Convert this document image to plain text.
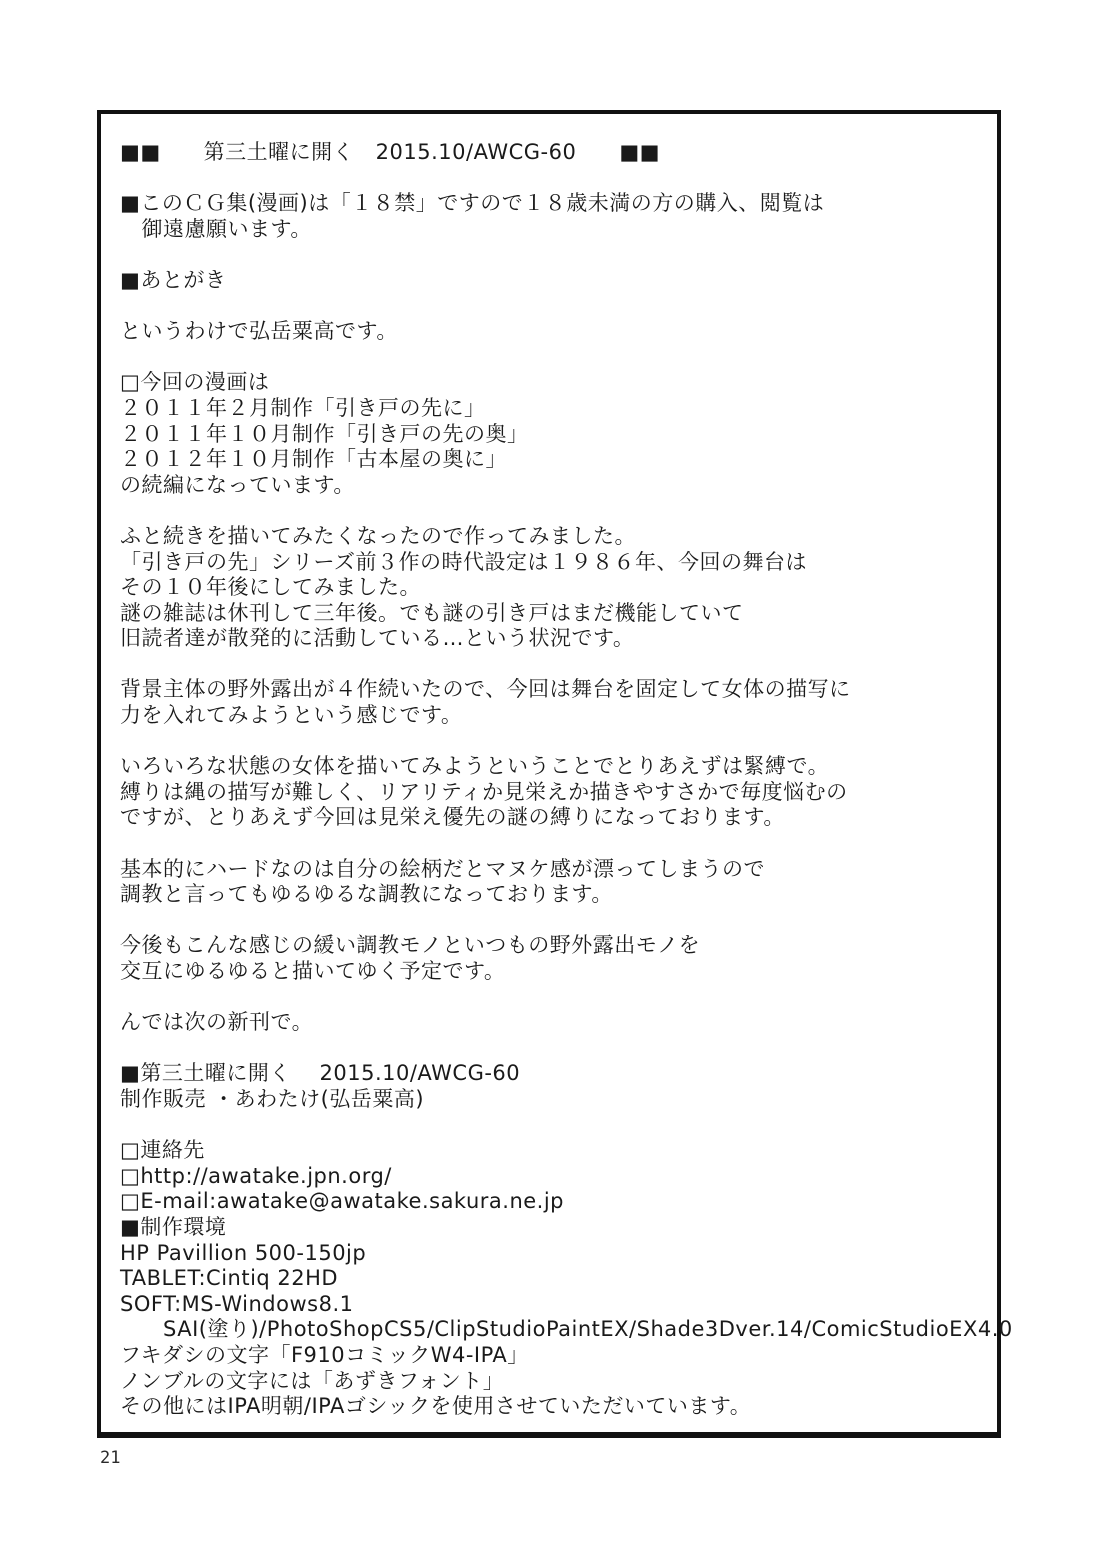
■■　　第三土曜に開く　2015.10/AWCG-60　　■■

■このＣＧ集(漫画)は「１８禁」ですので１８歳未満の方の購入、閲覧は
　御遠慮願います。

■あとがき

というわけで弘岳粟高です。

□今回の漫画は
２０１１年２月制作「引き戸の先に」
２０１１年１０月制作「引き戸の先の奥」
２０１２年１０月制作「古本屋の奥に」
の続編になっています。

ふと続きを描いてみたくなったので作ってみました。
「引き戸の先」シリーズ前３作の時代設定は１９８６年、今回の舞台は
その１０年後にしてみました。
謎の雑誌は休刊して三年後。でも謎の引き戸はまだ機能していて
旧読者達が散発的に活動している…という状況です。

背景主体の野外露出が４作続いたので、今回は舞台を固定して女体の描写に
力を入れてみようという感じです。

いろいろな状態の女体を描いてみようということでとりあえずは緊縛で。
縛りは縄の描写が難しく、リアリティか見栄えか描きやすさかで毎度悩むの
ですが、とりあえず今回は見栄え優先の謎の縛りになっております。

基本的にハードなのは自分の絵柄だとマヌケ感が漂ってしまうので
調教と言ってもゆるゆるな調教になっております。

今後もこんな感じの緩い調教モノといつもの野外露出モノを
交互にゆるゆると描いてゆく予定です。

んでは次の新刊で。

■第三土曜に開く　 2015.10/AWCG-60
制作販売 ・あわたけ(弘岳粟高)

□連絡先
□http://awatake.jpn.org/
□E-mail:awatake@awatake.sakura.ne.jp
■制作環境
HP Pavillion 500-150jp
TABLET:Cintiq 22HD
SOFT:MS-Windows8.1
　　SAI(塗り)/PhotoShopCS5/ClipStudioPaintEX/Shade3Dver.14/ComicStudioEX4.0
フキダシの文字「F910コミックW4-IPA」
ノンブルの文字には「あずきフォント」
その他にはIPA明朝/IPAゴシックを使用させていただいています。
21
